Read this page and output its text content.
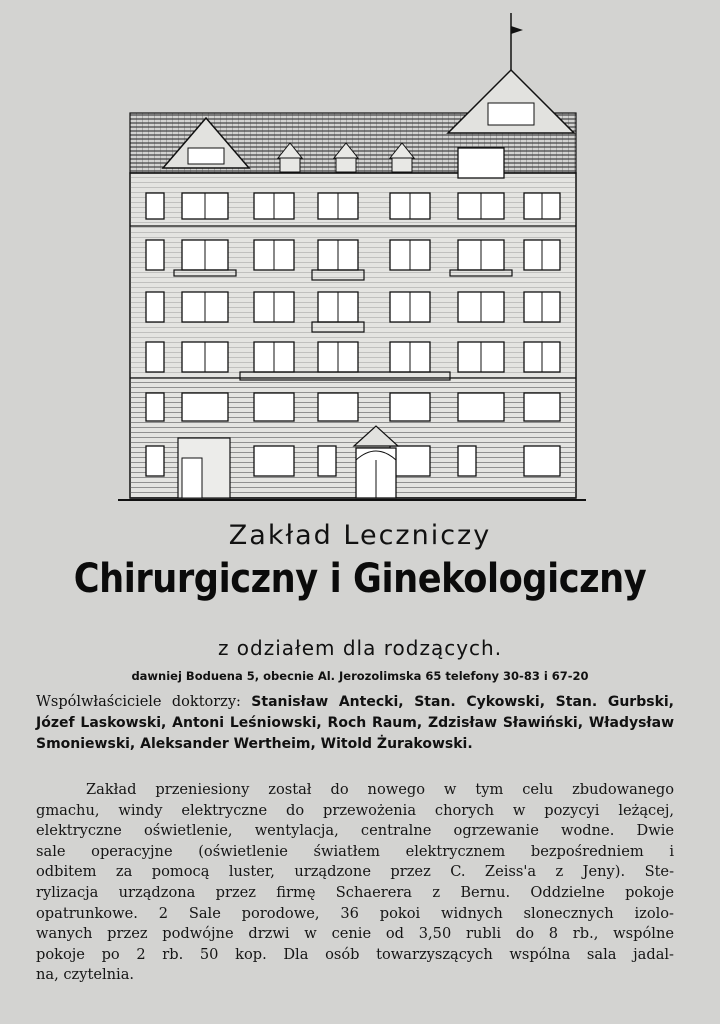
Zakład Leczniczy
Chirurgiczny i Ginekologiczny
z odziałem dla rodzących.
dawniej Boduena 5, obecnie Al. Jerozolimska 65 telefony 30-83 i 67-20
Wspólwłaściciele doktorzy: Stanisław Antecki, Stan. Cykowski, Stan. Gurbski, Józef Laskowski, Antoni Leśniowski, Roch Raum, Zdzisław Sławiński, Władysław Smoniewski, Aleksander Wertheim, Witold Żurakowski.
Zakład przeniesiony został do nowego w tym celu zbudowanego
gmachu, windy elektryczne do przewożenia chorych w pozycyi leżącej,
elektryczne oświetlenie, wentylacja, centralne ogrzewanie wodne. Dwie
sale operacyjne (oświetlenie światłem elektrycznem bezpośredniem i
odbitem za pomocą luster, urządzone przez C. Zeiss'a z Jeny). Ste-
rylizacja urządzona przez firmę Schaerera z Bernu. Oddzielne pokoje
opatrunkowe. 2 Sale porodowe, 36 pokoi widnych slonecznych izolo-
wanych przez podwójne drzwi w cenie od 3,50 rubli do 8 rb., wspólne
pokoje po 2 rb. 50 kop. Dla osób towarzyszących wspólna sala jadal-
na, czytelnia.
